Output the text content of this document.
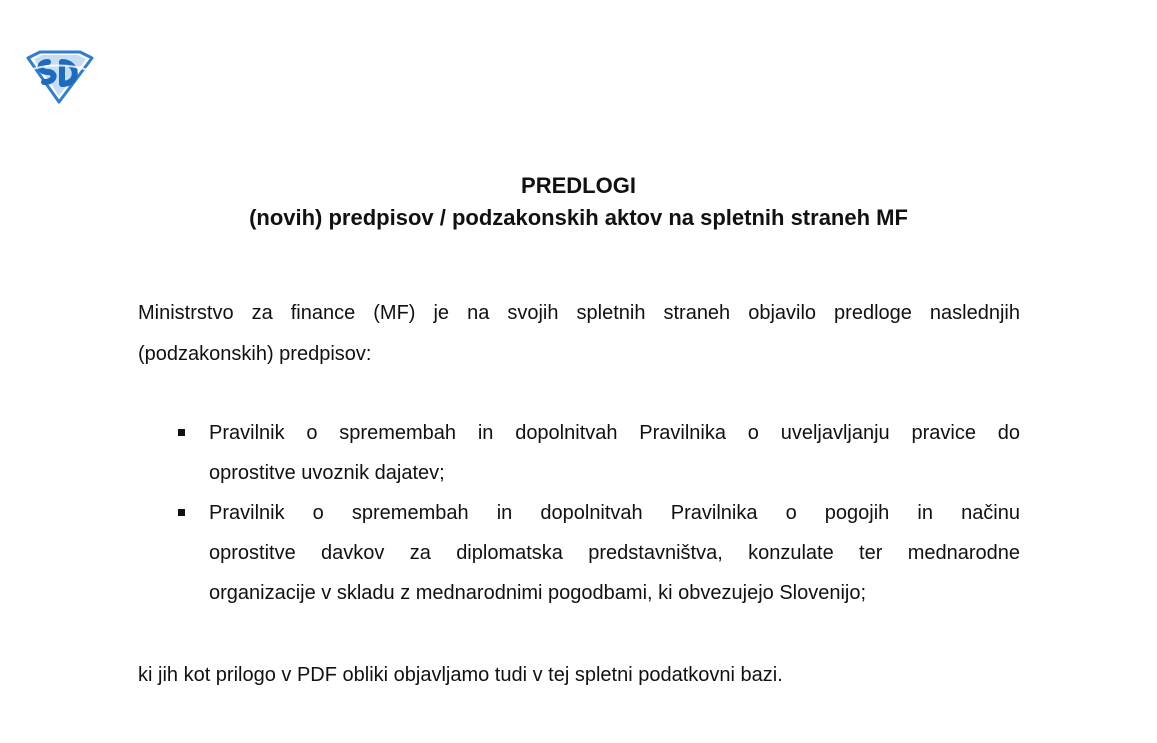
PREDLOGI
(novih) predpisov / podzakonskih aktov na spletnih straneh MF
Ministrstvo za finance (MF) je na svojih spletnih straneh objavilo predloge naslednjih
(podzakonskih) predpisov:
Pravilnik o spremembah in dopolnitvah Pravilnika o uveljavljanju pravice do
oprostitve uvoznik dajatev;
Pravilnik o spremembah in dopolnitvah Pravilnika o pogojih in načinu
oprostitve davkov za diplomatska predstavništva, konzulate ter mednarodne
organizacije v skladu z mednarodnimi pogodbami, ki obvezujejo Slovenijo;
ki jih kot prilogo v PDF obliki objavljamo tudi v tej spletni podatkovni bazi.
